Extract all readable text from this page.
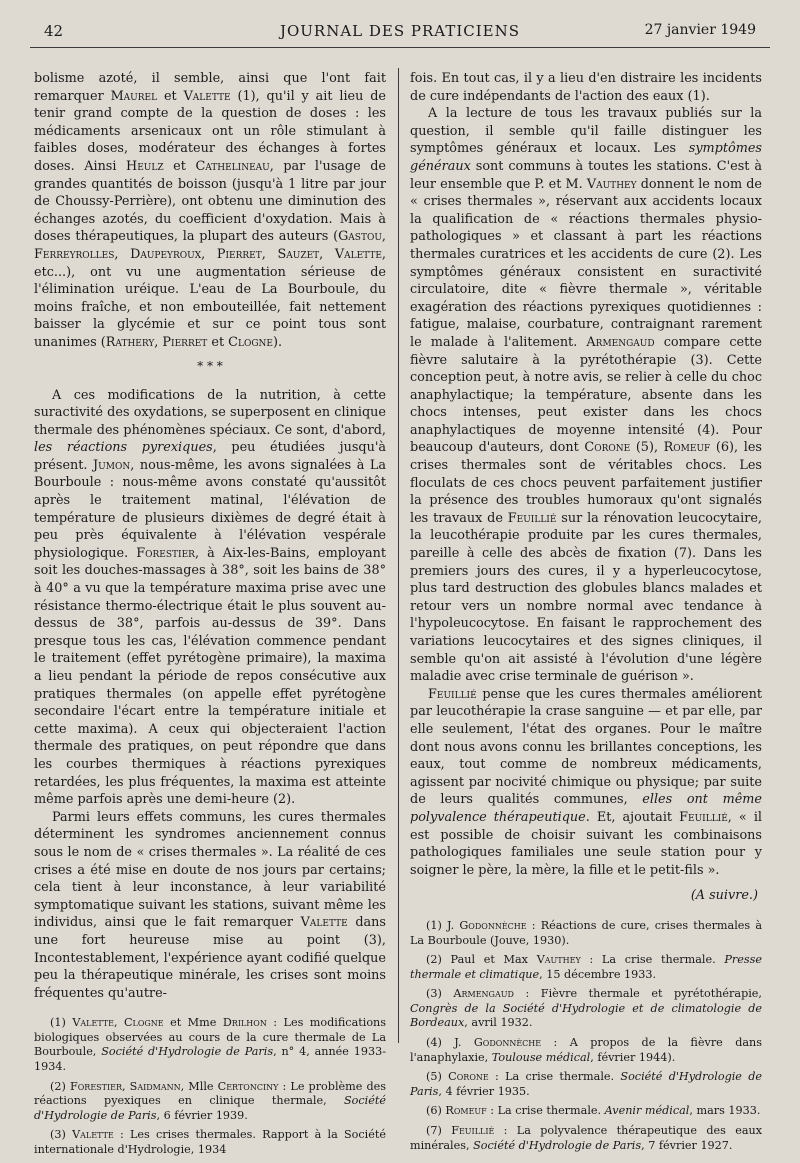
42	JOURNAL DES PRATICIENS	27 janvier 1949

bolisme azoté, il semble, ainsi que l'ont fait remarquer Maurel et Valette (1), qu'il y ait lieu de tenir grand compte de la question de doses : les médicaments arsenicaux ont un rôle stimulant à faibles doses, modérateur des échanges à fortes doses. Ainsi Heulz et Cathelineau, par l'usage de grandes quantités de boisson (jusqu'à 1 litre par jour de Choussy-Perrière), ont obtenu une diminution des échanges azotés, du coefficient d'oxydation. Mais à doses thérapeutiques, la plupart des auteurs (Gastou, Ferreyrolles, Daupeyroux, Pierret, Sauzet, Valette, etc...), ont vu une augmentation sérieuse de l'élimination uréique. L'eau de La Bourboule, du moins fraîche, et non embouteillée, fait nettement baisser la glycémie et sur ce point tous sont unanimes (Rathery, Pierret et Clogne).

* * *

A ces modifications de la nutrition, à cette suractivité des oxydations, se superposent en clinique thermale des phénomènes spéciaux. Ce sont, d'abord, les réactions pyrexiques, peu étudiées jusqu'à présent. Jumon, nous-même, les avons signalées à La Bourboule : nous-même avons constaté qu'aussitôt après le traitement matinal, l'élévation de température de plusieurs dixièmes de degré était à peu près équivalente à l'élévation vespérale physiologique. Forestier, à Aix-les-Bains, employant soit les douches-massages à 38°, soit les bains de 38° à 40° a vu que la température maxima prise avec une résistance thermo-électrique était le plus souvent au-dessus de 38°, parfois au-dessus de 39°. Dans presque tous les cas, l'élévation commence pendant le traitement (effet pyrétogène primaire), la maxima a lieu pendant la période de repos consécutive aux pratiques thermales (on appelle effet pyrétogène secondaire l'écart entre la température initiale et cette maxima). A ceux qui objecteraient l'action thermale des pratiques, on peut répondre que dans les courbes thermiques à réactions pyrexiques retardées, les plus fréquentes, la maxima est atteinte même parfois après une demi-heure (2).

Parmi leurs effets communs, les cures thermales déterminent les syndromes anciennement connus sous le nom de « crises thermales ». La réalité de ces crises a été mise en doute de nos jours par certains; cela tient à leur inconstance, à leur variabilité symptomatique suivant les stations, suivant même les individus, ainsi que le fait remarquer Valette dans une fort heureuse mise au point (3), Incontestablement, l'expérience ayant codifié quelque peu la thérapeutique minérale, les crises sont moins fréquentes qu'autre-

(1) Valette, Clogne et Mme Drilhon : Les modifications biologiques observées au cours de la cure thermale de La Bourboule, Société d'Hydrologie de Paris, n° 4, année 1933-1934.

(2) Forestier, Saidmann, Mlle Certonciny : Le problème des réactions pyexiques en clinique thermale, Société d'Hydrologie de Paris, 6 février 1939.

(3) Valette : Les crises thermales. Rapport à la Société internationale d'Hydrologie, 1934

fois. En tout cas, il y a lieu d'en distraire les incidents de cure indépendants de l'action des eaux (1).

A la lecture de tous les travaux publiés sur la question, il semble qu'il faille distinguer les symptômes généraux et locaux. Les symptômes généraux sont communs à toutes les stations. C'est à leur ensemble que P. et M. Vauthey donnent le nom de « crises thermales », réservant aux accidents locaux la qualification de « réactions thermales physio-pathologiques » et classant à part les réactions thermales curatrices et les accidents de cure (2). Les symptômes généraux consistent en suractivité circulatoire, dite « fièvre thermale », véritable exagération des réactions pyrexiques quotidiennes : fatigue, malaise, courbature, contraignant rarement le malade à l'alitement. Armengaud compare cette fièvre salutaire à la pyrétothérapie (3). Cette conception peut, à notre avis, se relier à celle du choc anaphylactique; la température, absente dans les chocs intenses, peut exister dans les chocs anaphylactiques de moyenne intensité (4). Pour beaucoup d'auteurs, dont Corone (5), Romeuf (6), les crises thermales sont de véritables chocs. Les floculats de ces chocs peuvent parfaitement justifier la présence des troubles humoraux qu'ont signalés les travaux de Feuillié sur la rénovation leucocytaire, la leucothérapie produite par les cures thermales, pareille à celle des abcès de fixation (7). Dans les premiers jours des cures, il y a hyperleucocytose, plus tard destruction des globules blancs malades et retour vers un nombre normal avec tendance à l'hypoleucocytose. En faisant le rapprochement des variations leucocytaires et des signes cliniques, il semble qu'on ait assisté à l'évolution d'une légère maladie avec crise terminale de guérison ».

Feuillié pense que les cures thermales améliorent par leucothérapie la crase sanguine — et par elle, par elle seulement, l'état des organes. Pour le maître dont nous avons connu les brillantes conceptions, les eaux, tout comme de nombreux médicaments, agissent par nocivité chimique ou physique; par suite de leurs qualités communes, elles ont même polyvalence thérapeutique. Et, ajoutait Feuillié, « il est possible de choisir suivant les combinaisons pathologiques familiales une seule station pour y soigner le père, la mère, la fille et le petit-fils ».

(A suivre.)

(1) J. Godonnèche : Réactions de cure, crises thermales à La Bourboule (Jouve, 1930).

(2) Paul et Max Vauthey : La crise thermale. Presse thermale et climatique, 15 décembre 1933.

(3) Armengaud : Fièvre thermale et pyrétothérapie, Congrès de la Société d'Hydrologie et de climatologie de Bordeaux, avril 1932.

(4) J. Godonnèche : A propos de la fièvre dans l'anaphylaxie, Toulouse médical, février 1944).

(5) Corone : La crise thermale. Société d'Hydrologie de Paris, 4 février 1935.

(6) Romeuf : La crise thermale. Avenir médical, mars 1933.

(7) Feuillié : La polyvalence thérapeutique des eaux minérales, Société d'Hydrologie de Paris, 7 février 1927.
